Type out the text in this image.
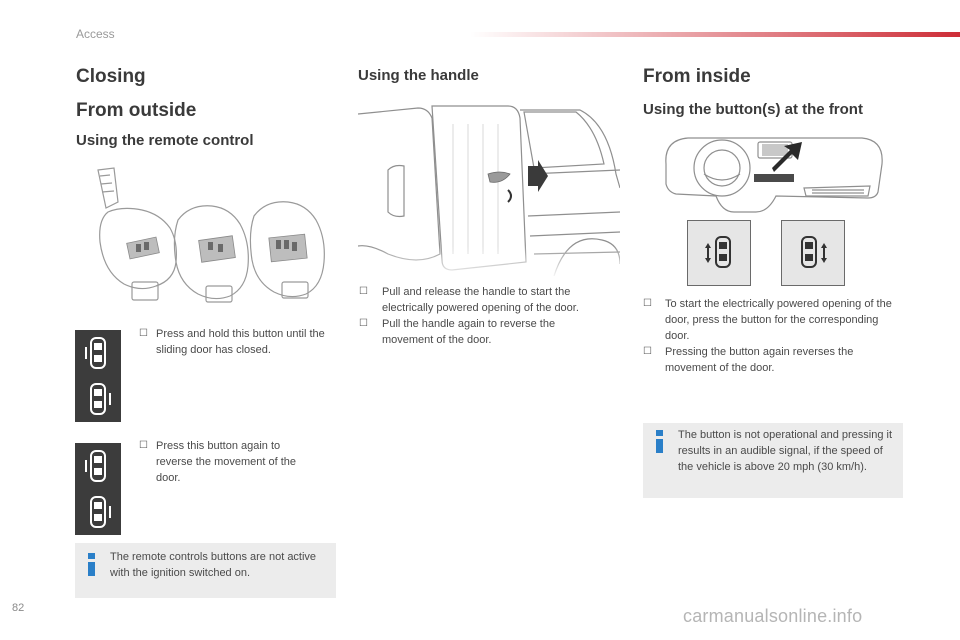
Access
Closing
From outside
Using the remote control
☐ Press and hold this button until the sliding door has closed.
☐ Press this button again to reverse the movement of the door.
The remote controls buttons are not active with the ignition switched on.
Using the handle
☐ Pull and release the handle to start the electrically powered opening of the door.
☐ Pull the handle again to reverse the movement of the door.
From inside
Using the button(s) at the front
☐ To start the electrically powered opening of the door, press the button for the corresponding door.
☐ Pressing the button again reverses the movement of the door.
The button is not operational and pressing it results in an audible signal, if the speed of the vehicle is above 20 mph (30 km/h).
82	carmanualsonline.info
